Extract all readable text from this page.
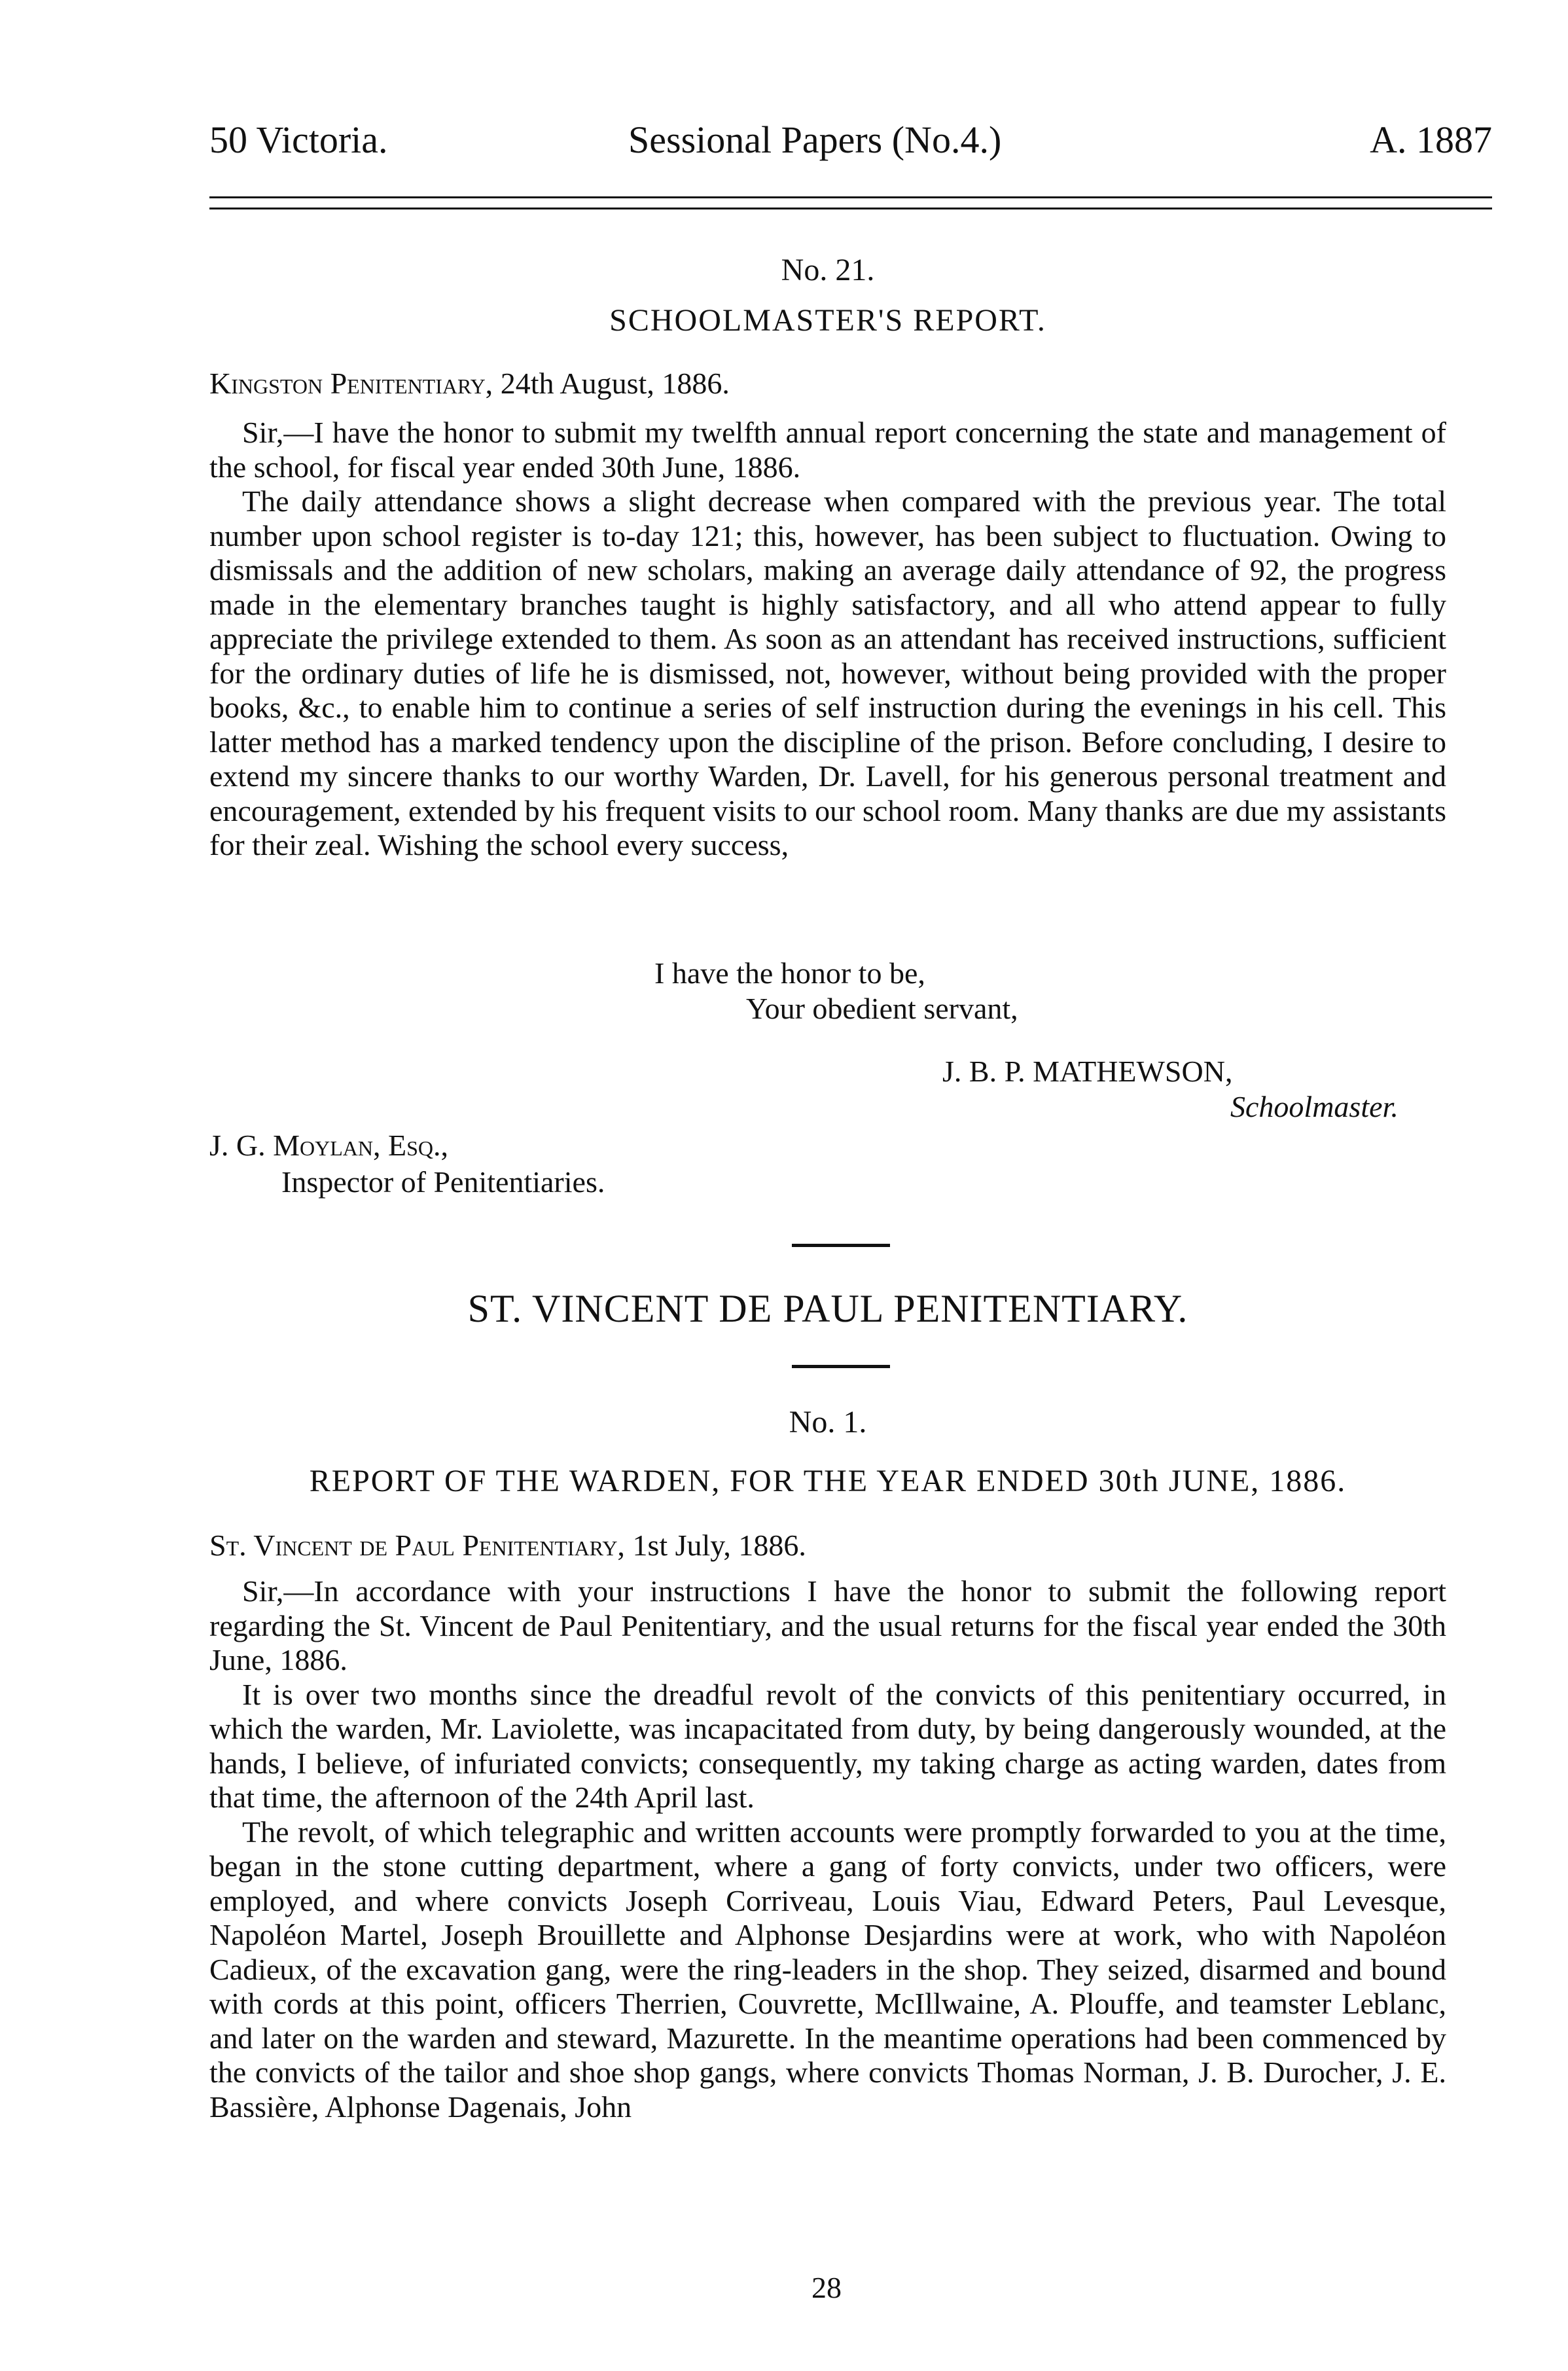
50 Victoria.	Sessional Papers (No.4.)	A. 1887
No. 21.
SCHOOLMASTER'S REPORT.
Kingston Penitentiary, 24th August, 1886.

Sir,—I have the honor to submit my twelfth annual report concerning the state and management of the school, for fiscal year ended 30th June, 1886.

The daily attendance shows a slight decrease when compared with the previous year. The total number upon school register is to-day 121; this, however, has been subject to fluctuation. Owing to dismissals and the addition of new scholars, making an average daily attendance of 92, the progress made in the elementary branches taught is highly satisfactory, and all who attend appear to fully appreciate the privilege extended to them. As soon as an attendant has received instructions, sufficient for the ordinary duties of life he is dismissed, not, however, without being provided with the proper books, &c., to enable him to continue a series of self instruction during the evenings in his cell. This latter method has a marked tendency upon the discipline of the prison. Before concluding, I desire to extend my sincere thanks to our worthy Warden, Dr. Lavell, for his generous personal treatment and encouragement, extended by his frequent visits to our school room. Many thanks are due my assistants for their zeal. Wishing the school every success,

I have the honor to be,
Your obedient servant,
J. B. P. MATHEWSON,
Schoolmaster.
J. G. Moylan, Esq.,
Inspector of Penitentiaries.
ST. VINCENT DE PAUL PENITENTIARY.
No. 1.
REPORT OF THE WARDEN, FOR THE YEAR ENDED 30th JUNE, 1886.
St. Vincent de Paul Penitentiary, 1st July, 1886.

Sir,—In accordance with your instructions I have the honor to submit the following report regarding the St. Vincent de Paul Penitentiary, and the usual returns for the fiscal year ended the 30th June, 1886.

It is over two months since the dreadful revolt of the convicts of this penitentiary occurred, in which the warden, Mr. Laviolette, was incapacitated from duty, by being dangerously wounded, at the hands, I believe, of infuriated convicts; consequently, my taking charge as acting warden, dates from that time, the afternoon of the 24th April last.

The revolt, of which telegraphic and written accounts were promptly forwarded to you at the time, began in the stone cutting department, where a gang of forty convicts, under two officers, were employed, and where convicts Joseph Corriveau, Louis Viau, Edward Peters, Paul Levesque, Napoléon Martel, Joseph Brouillette and Alphonse Desjardins were at work, who with Napoléon Cadieux, of the excavation gang, were the ring-leaders in the shop. They seized, disarmed and bound with cords at this point, officers Therrien, Couvrette, McIllwaine, A. Plouffe, and teamster Leblanc, and later on the warden and steward, Mazurette. In the meantime operations had been commenced by the convicts of the tailor and shoe shop gangs, where convicts Thomas Norman, J. B. Durocher, J. E. Bassière, Alphonse Dagenais, John

28
